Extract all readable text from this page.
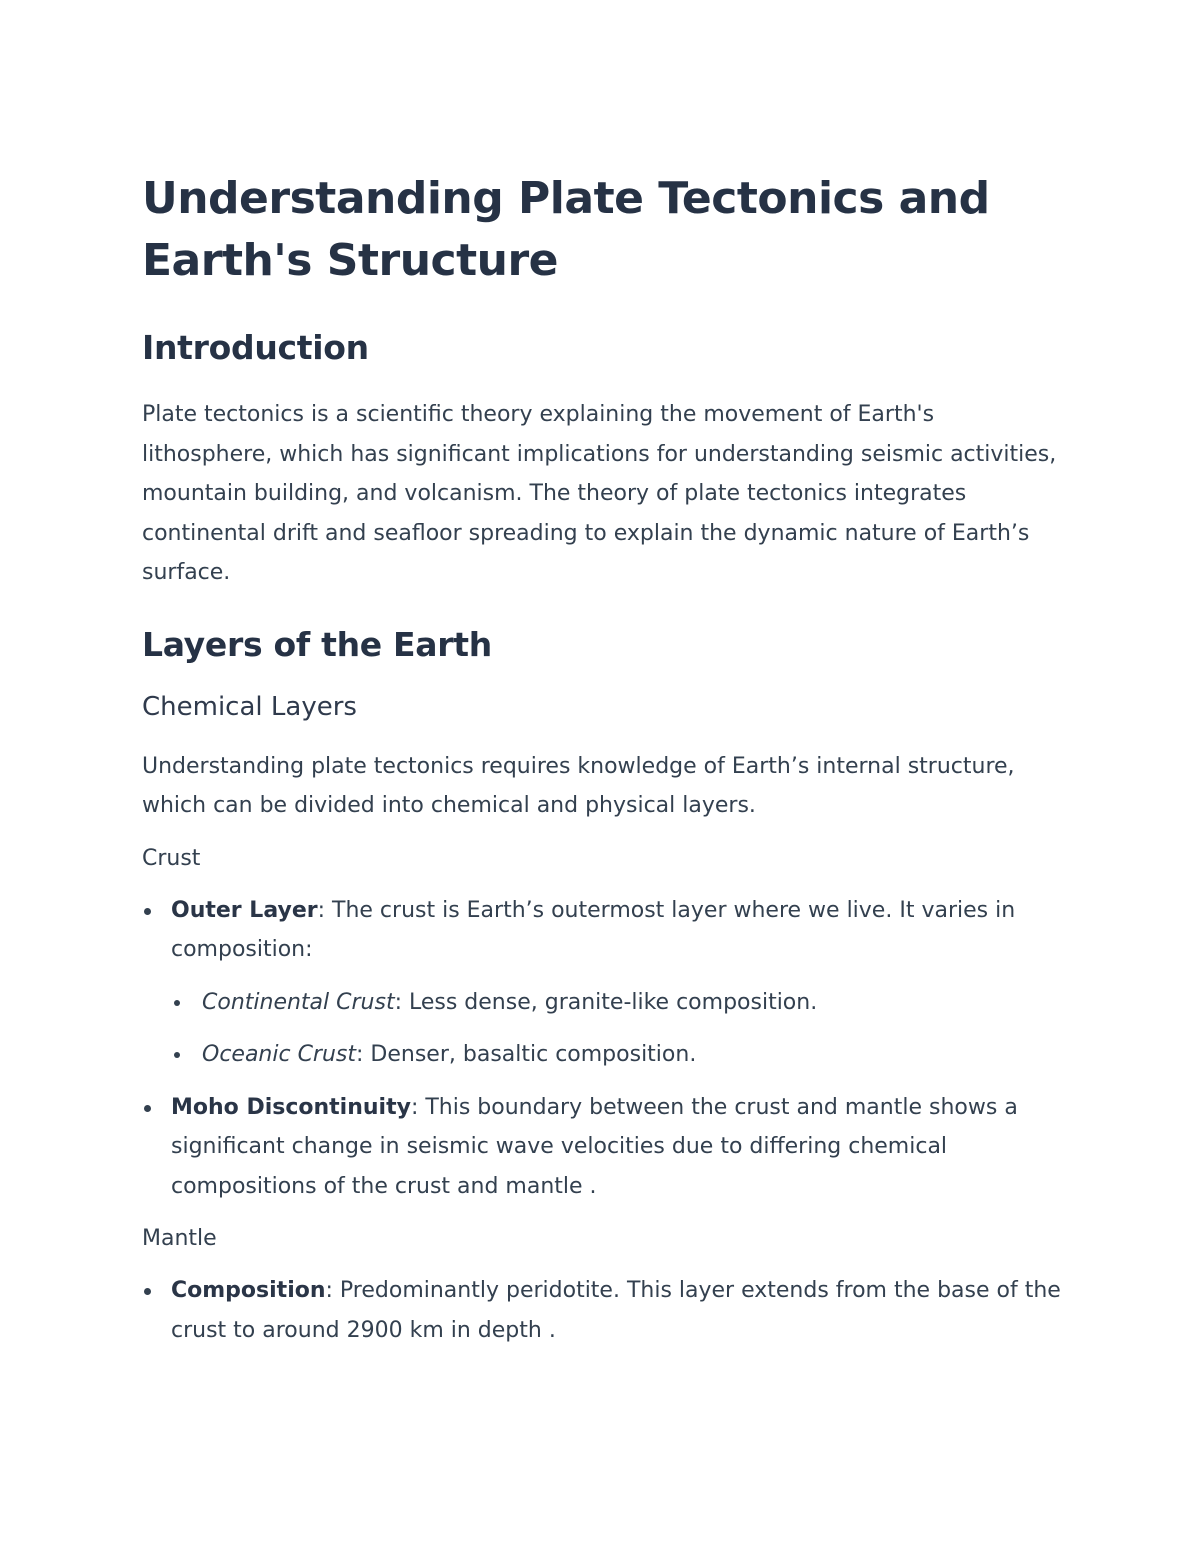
Understanding Plate Tectonics and Earth's Structure
Introduction

Plate tectonics is a scientific theory explaining the movement of Earth's lithosphere, which has significant implications for understanding seismic activities, mountain building, and volcanism. The theory of plate tectonics integrates continental drift and seafloor spreading to explain the dynamic nature of Earth’s surface.

Layers of the Earth
Chemical Layers

Understanding plate tectonics requires knowledge of Earth’s internal structure, which can be divided into chemical and physical layers.

Crust
Outer Layer: The crust is Earth’s outermost layer where we live. It varies in composition:
Continental Crust: Less dense, granite-like composition.
Oceanic Crust: Denser, basaltic composition.
Moho Discontinuity: This boundary between the crust and mantle shows a significant change in seismic wave velocities due to differing chemical compositions of the crust and mantle .
Mantle
Composition: Predominantly peridotite. This layer extends from the base of the crust to around 2900 km in depth .
